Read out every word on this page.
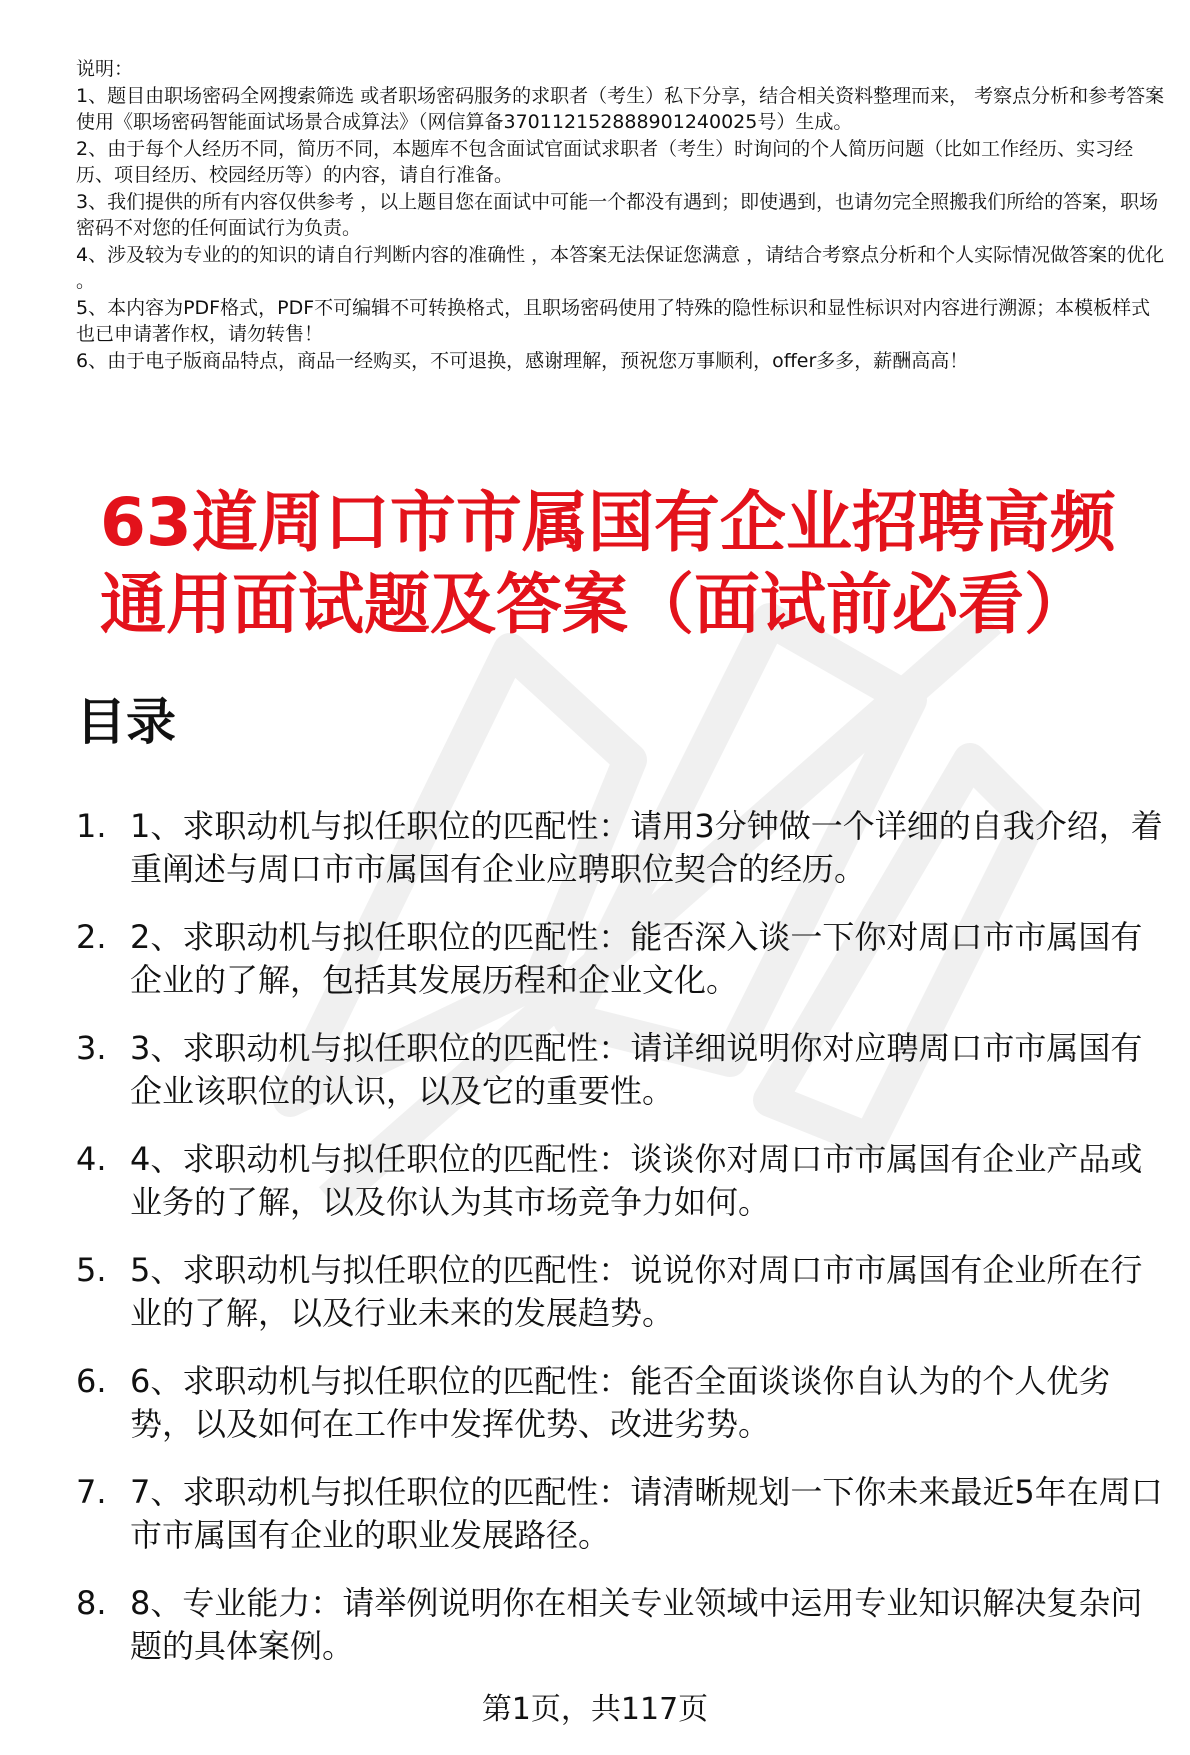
说明：

1、题目由职场密码全网搜索筛选 或者职场密码服务的求职者（考生）私下分享，结合相关资料整理而来， 考察点分析和参考答案使用《职场密码智能面试场景合成算法》（网信算备370112152888901240025号）生成。

2、由于每个人经历不同，简历不同，本题库不包含面试官面试求职者（考生）时询问的个人简历问题（比如工作经历、实习经历、项目经历、校园经历等）的内容，请自行准备。

3、我们提供的所有内容仅供参考 ，以上题目您在面试中可能一个都没有遇到；即使遇到，也请勿完全照搬我们所给的答案，职场密码不对您的任何面试行为负责。

4、涉及较为专业的的知识的请自行判断内容的准确性 ，本答案无法保证您满意 ，请结合考察点分析和个人实际情况做答案的优化 。

5、本内容为PDF格式，PDF不可编辑不可转换格式，且职场密码使用了特殊的隐性标识和显性标识对内容进行溯源；本模板样式也已申请著作权，请勿转售！

6、由于电子版商品特点，商品一经购买，不可退换，感谢理解，预祝您万事顺利，offer多多，薪酬高高！

63道周口市市属国有企业招聘高频通用面试题及答案（面试前必看）
目录
1. 1、求职动机与拟任职位的匹配性：请用3分钟做一个详细的自我介绍，着重阐述与周口市市属国有企业应聘职位契合的经历。
2. 2、求职动机与拟任职位的匹配性：能否深入谈一下你对周口市市属国有企业的了解，包括其发展历程和企业文化。
3. 3、求职动机与拟任职位的匹配性：请详细说明你对应聘周口市市属国有企业该职位的认识，以及它的重要性。
4. 4、求职动机与拟任职位的匹配性：谈谈你对周口市市属国有企业产品或业务的了解，以及你认为其市场竞争力如何。
5. 5、求职动机与拟任职位的匹配性：说说你对周口市市属国有企业所在行业的了解，以及行业未来的发展趋势。
6. 6、求职动机与拟任职位的匹配性：能否全面谈谈你自认为的个人优劣势，以及如何在工作中发挥优势、改进劣势。
7. 7、求职动机与拟任职位的匹配性：请清晰规划一下你未来最近5年在周口市市属国有企业的职业发展路径。
8. 8、专业能力：请举例说明你在相关专业领域中运用专业知识解决复杂问题的具体案例。
第1页，共117页
